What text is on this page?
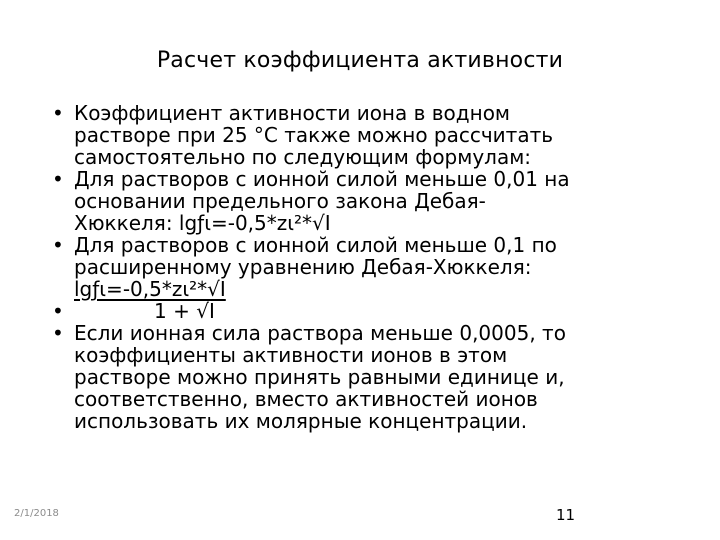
Расчет коэффициента активности
• Коэффициент активности иона в водном
растворе при 25 °С также можно рассчитать
самостоятельно по следующим формулам:
• Для растворов с ионной силой меньше 0,01 на
основании предельного закона Дебая-
Хюккеля: lgƒι=-0,5*zι²*√I
• Для растворов с ионной силой меньше 0,1 по
расширенному уравнению Дебая-Хюккеля:
lgƒι=-0,5*zι²*√I
•	1 + √I
• Если ионная сила раствора меньше 0,0005, то
коэффициенты активности ионов в этом
растворе можно принять равными единице и,
соответственно, вместо активностей ионов
использовать их молярные концентрации.
2/1/2018	11
